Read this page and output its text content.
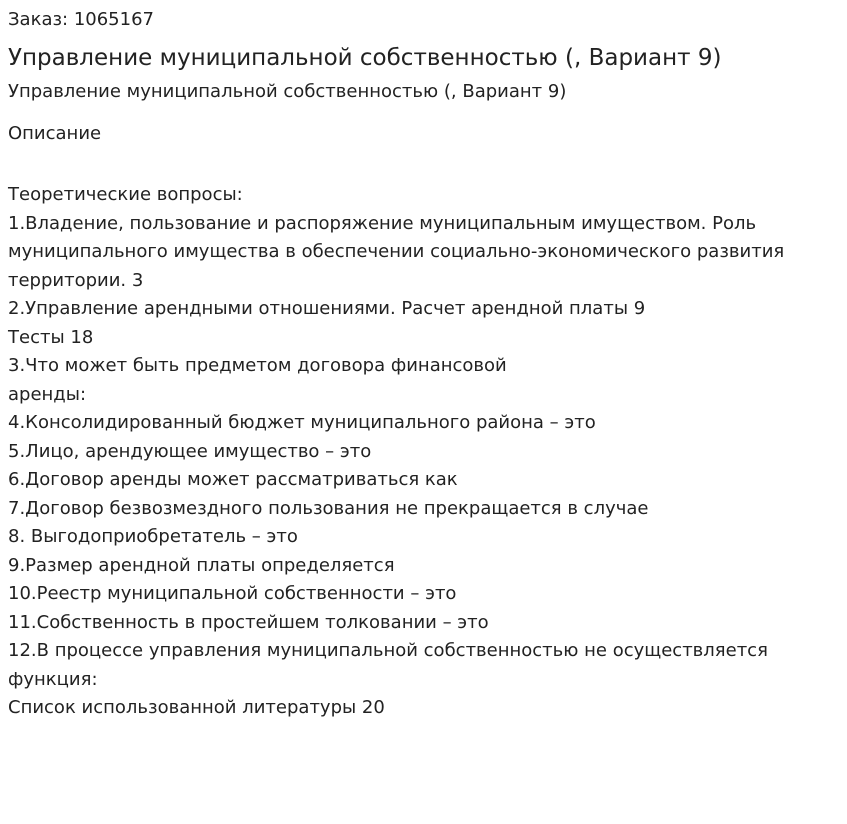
Заказ: 1065167

Управление муниципальной собственностью (, Вариант 9)

Управление муниципальной собственностью (, Вариант 9)

Описание

Теоретические вопросы:
1.Владение, пользование и распоряжение муниципальным имуществом. Роль муниципального имущества в обеспечении социально-экономического развития территории. 3
2.Управление арендными отношениями. Расчет арендной платы 9
Тесты 18
3.Что может быть предметом договора финансовой
аренды:
4.Консолидированный бюджет муниципального района – это
5.Лицо, арендующее имущество – это
6.Договор аренды может рассматриваться как
7.Договор безвозмездного пользования не прекращается в случае
8. Выгодоприобретатель – это
9.Размер арендной платы определяется
10.Реестр муниципальной собственности – это
11.Собственность в простейшем толковании – это
12.В процессе управления муниципальной собственностью не осуществляется функция:
Список использованной литературы 20
